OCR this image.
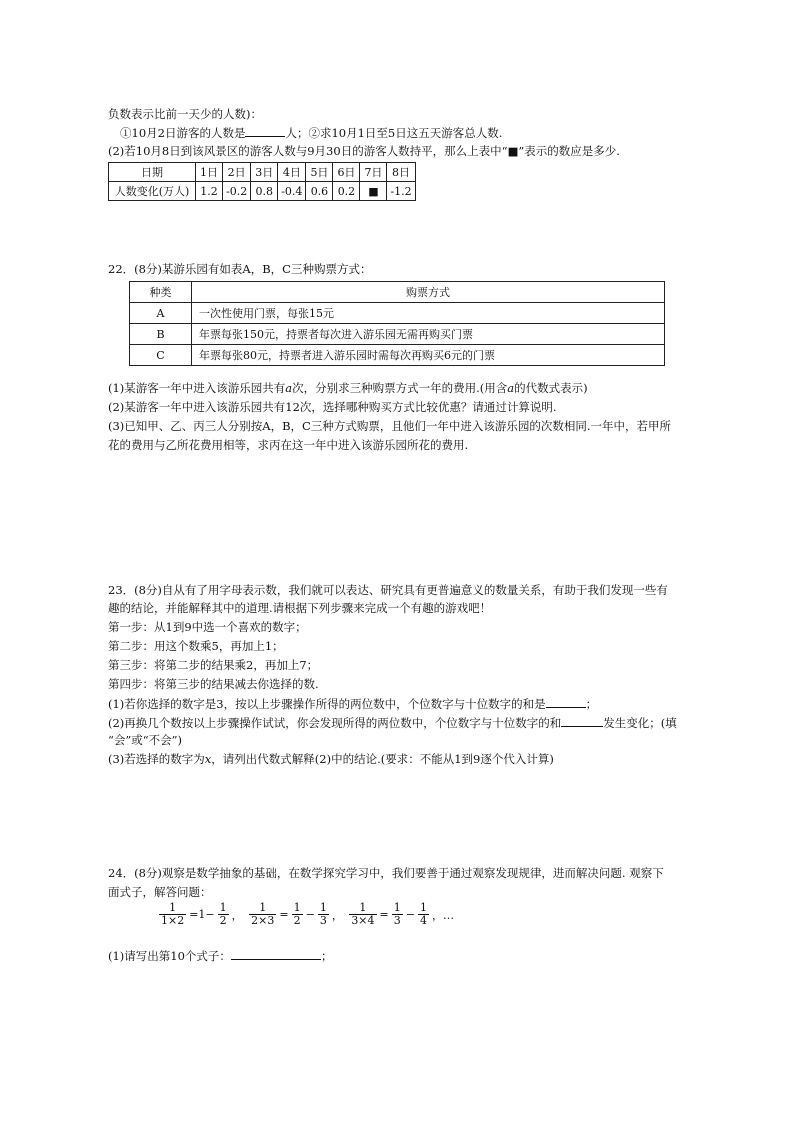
负数表示比前一天少的人数)：
①10月2日游客的人数是	人；②求10月1日至5日这五天游客总人数.
(2)若10月8日到该风景区的游客人数与9月30日的游客人数持平，那么上表中“■”表示的数应是多少.
日期	1日	2日	3日	4日	5日	6日	7日	8日
人数变化(万人)	1.2	-0.2	0.8	-0.4	0.6	0.2	■	-1.2
22．(8分)某游乐园有如表A，B，C三种购票方式：
种类	购票方式
A	一次性使用门票，每张15元
B	年票每张150元，持票者每次进入游乐园无需再购买门票
C	年票每张80元，持票者进入游乐园时需每次再购买6元的门票
(1)某游客一年中进入该游乐园共有a次，分别求三种购票方式一年的费用.(用含a的代数式表示)
(2)某游客一年中进入该游乐园共有12次，选择哪种购买方式比较优惠？请通过计算说明.
(3)已知甲、乙、丙三人分别按A，B，C三种方式购票，且他们一年中进入该游乐园的次数相同.一年中，若甲所
花的费用与乙所花费用相等，求丙在这一年中进入该游乐园所花的费用.
23．(8分)自从有了用字母表示数，我们就可以表达、研究具有更普遍意义的数量关系，有助于我们发现一些有
趣的结论，并能解释其中的道理.请根据下列步骤来完成一个有趣的游戏吧！
第一步：从1到9中选一个喜欢的数字；
第二步：用这个数乘5，再加上1；
第三步：将第二步的结果乘2，再加上7；
第四步：将第三步的结果减去你选择的数.
(1)若你选择的数字是3，按以上步骤操作所得的两位数中，个位数字与十位数字的和是	；
(2)再换几个数按以上步骤操作试试，你会发现所得的两位数中，个位数字与十位数字的和	发生变化；(填
“会”或“不会”)
(3)若选择的数字为x，请列出代数式解释(2)中的结论.(要求：不能从1到9逐个代入计算)
24．(8分)观察是数学抽象的基础，在数学探究学习中，我们要善于通过观察发现规律，进而解决问题. 观察下
面式子，解答问题：
$\frac{1}{1\times 2} =1- \frac{1}{2}$ ， $\frac{1}{2\times 3} = \frac{1}{2} - \frac{1}{3}$ ， $\frac{1}{3\times 4} = \frac{1}{3} - \frac{1}{4}$ ，…
(1)请写出第10个式子：	；
